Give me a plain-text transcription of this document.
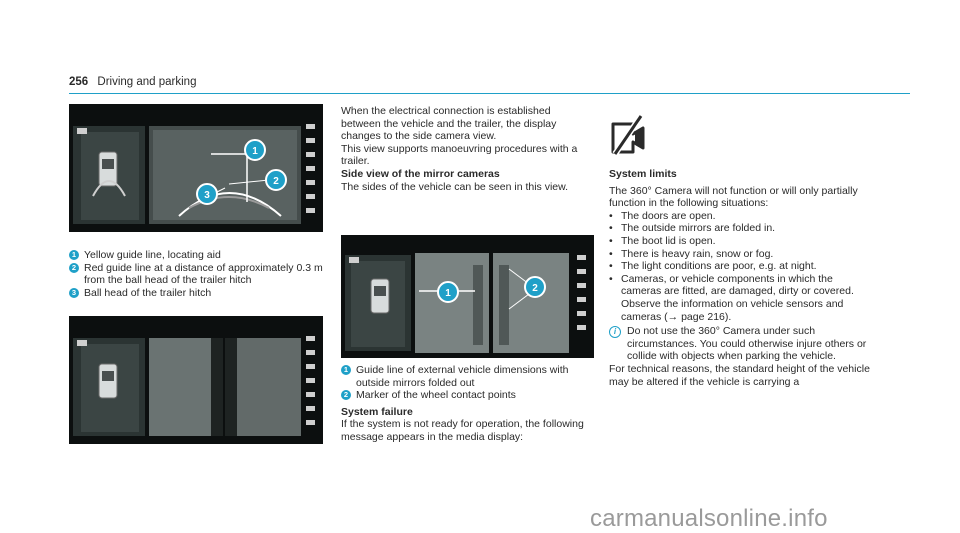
256 Driving and parking
1
2
3
1 Yellow guide line, locating aid
2 Red guide line at a distance of approximately 0.3 m from the ball head of the trailer hitch
3 Ball head of the trailer hitch

When the electrical connection is established between the vehicle and the trailer, the display changes to the side camera view.

This view supports manoeuvring procedures with a trailer.

Side view of the mirror cameras

The sides of the vehicle can be seen in this view.

1	2
1 Guide line of external vehicle dimensions with outside mirrors folded out
2 Marker of the wheel contact points

System failure

If the system is not ready for operation, the following message appears in the media display:

System limits

The 360° Camera will not function or will only partially function in the following situations:

• The doors are open.
• The outside mirrors are folded in.
• The boot lid is open.
• There is heavy rain, snow or fog.
• The light conditions are poor, e.g. at night.
• Cameras, or vehicle components in which the cameras are fitted, are damaged, dirty or covered. Observe the information on vehicle sensors and cameras (→ page 216).
i	Do not use the 360° Camera under such circumstances. You could otherwise injure others or collide with objects when parking the vehicle.

For technical reasons, the standard height of the vehicle may be altered if the vehicle is carrying a

carmanualsonline.info
